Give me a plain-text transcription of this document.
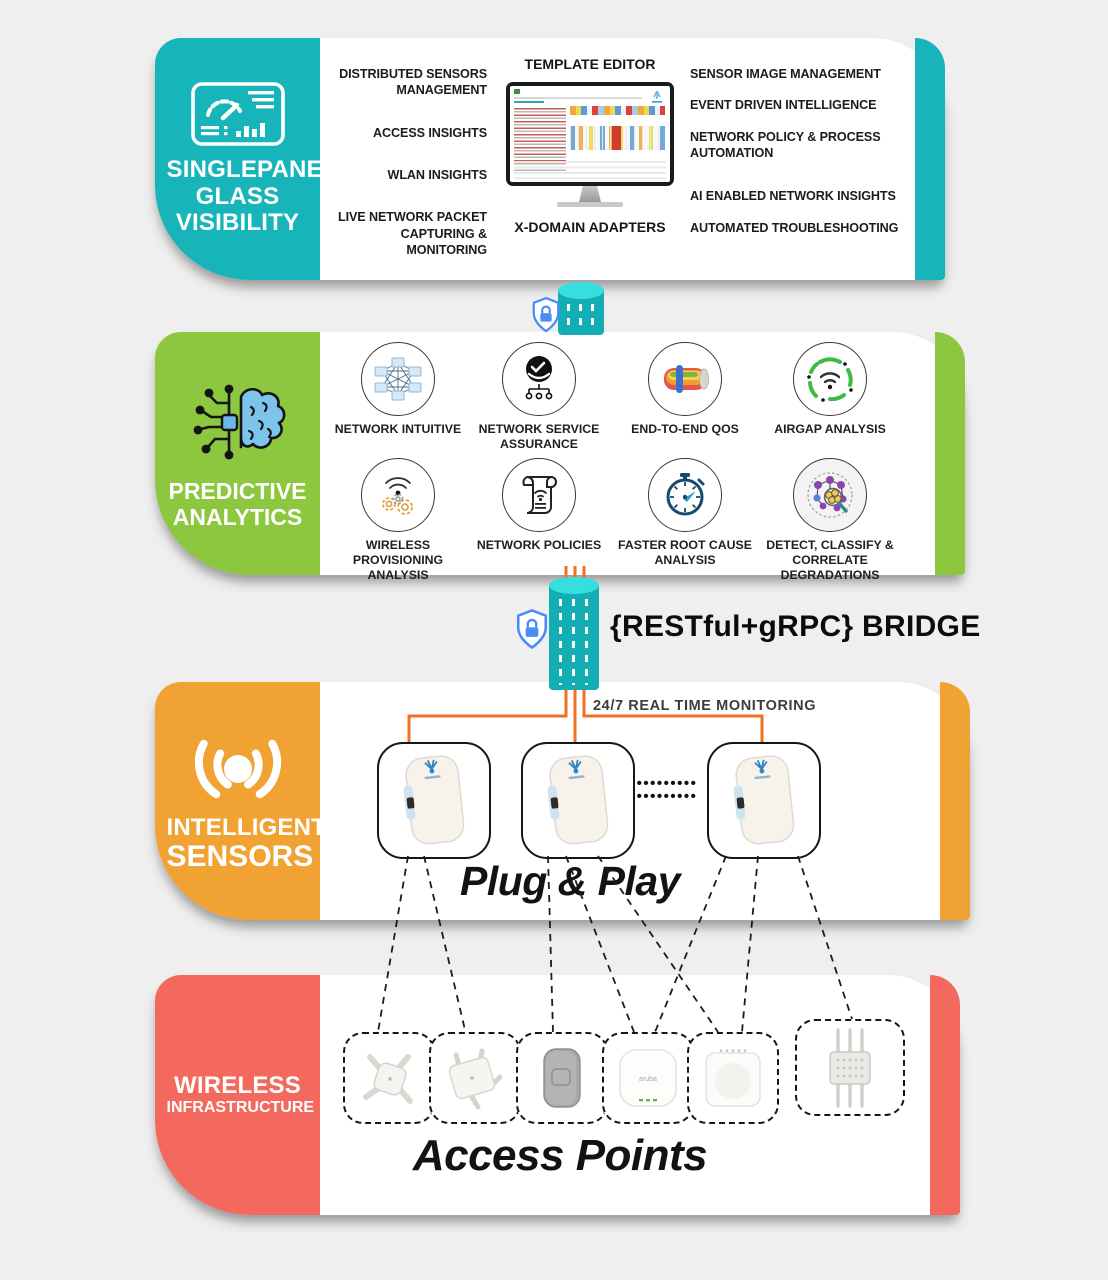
SINGLEPANE GLASS VISIBILITY
DISTRIBUTED SENSORS MANAGEMENT
ACCESS INSIGHTS
WLAN INSIGHTS
LIVE NETWORK PACKET CAPTURING & MONITORING
TEMPLATE EDITOR
X-DOMAIN ADAPTERS
SENSOR IMAGE MANAGEMENT
EVENT DRIVEN INTELLIGENCE
NETWORK POLICY & PROCESS AUTOMATION
AI ENABLED NETWORK INSIGHTS
AUTOMATED TROUBLESHOOTING
PREDICTIVE ANALYTICS
NETWORK INTUITIVE	NETWORK SERVICE ASSURANCE
END-TO-END QOS	AIRGAP ANALYSIS
WIRELESS PROVISIONING ANALYSIS
NETWORK POLICIES FASTER ROOT CAUSE ANALYSIS
DETECT, CLASSIFY & CORRELATE DEGRADATIONS
INTELLIGENT
SENSORS
24/7 REAL TIME MONITORING
•••••••••
•••••••••
Plug & Play
WIRELESS
INFRASTRUCTURE
aruba
Access Points
{RESTful+gRPC} BRIDGE
